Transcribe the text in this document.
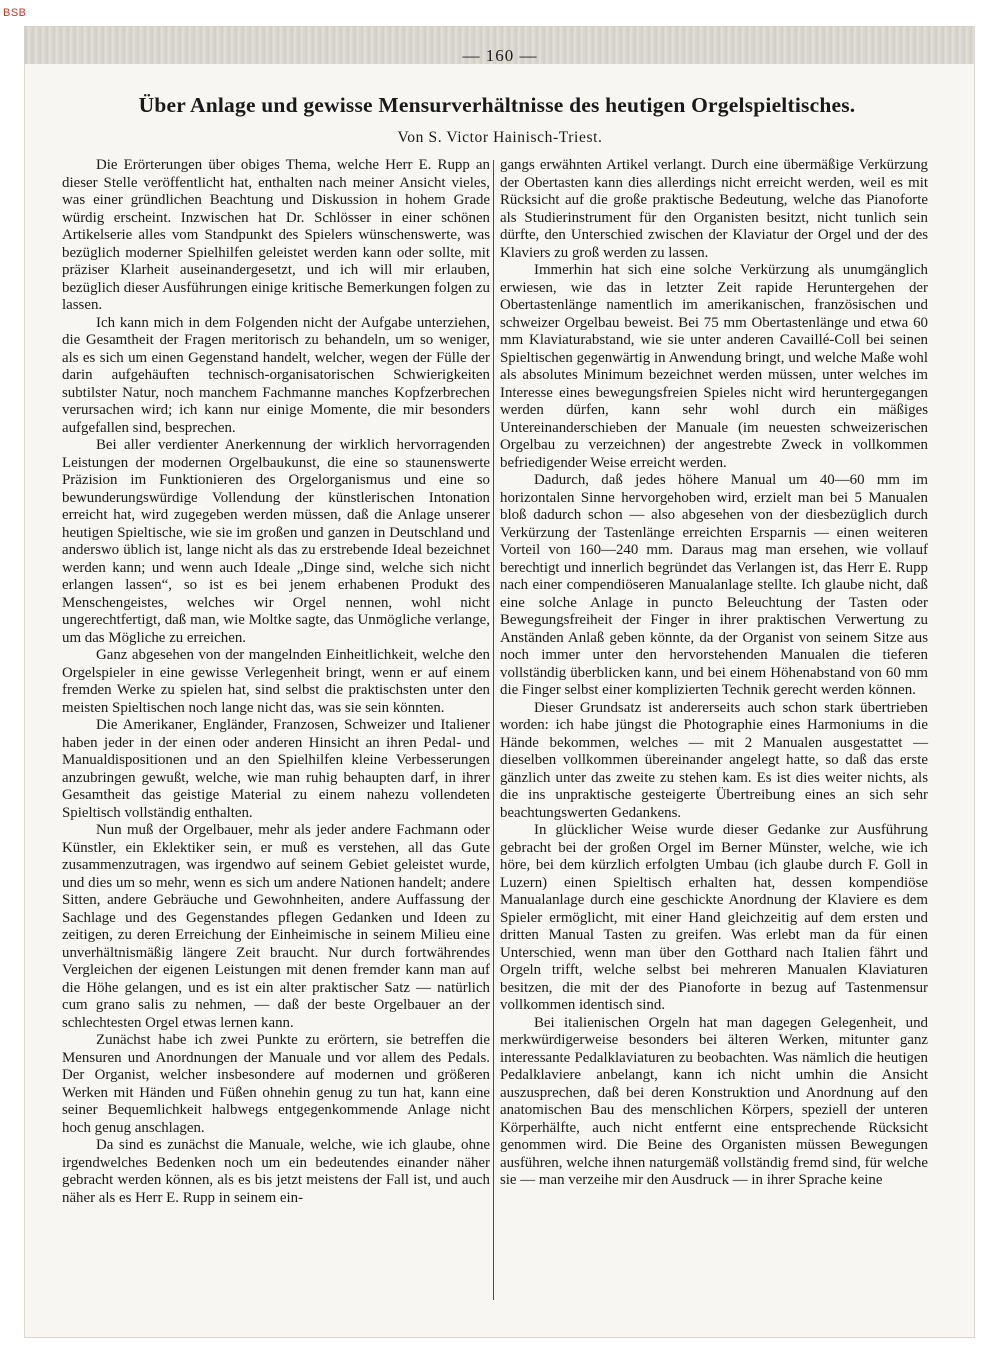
BSB
— 160 —
Über Anlage und gewisse Mensurverhältnisse des heutigen Orgelspieltisches.
Von S. Victor Hainisch-Triest.

Die Erörterungen über obiges Thema, welche Herr E. Rupp an dieser Stelle veröffentlicht hat, enthalten nach meiner Ansicht vieles, was einer gründlichen Beachtung und Diskussion in hohem Grade würdig erscheint. Inzwischen hat Dr. Schlösser in einer schönen Artikelserie alles vom Standpunkt des Spielers wünschenswerte, was bezüglich moderner Spielhilfen geleistet werden kann oder sollte, mit präziser Klarheit auseinandergesetzt, und ich will mir erlauben, bezüglich dieser Ausführungen einige kritische Bemerkungen folgen zu lassen.

Ich kann mich in dem Folgenden nicht der Aufgabe unterziehen, die Gesamtheit der Fragen meritorisch zu behandeln, um so weniger, als es sich um einen Gegenstand handelt, welcher, wegen der Fülle der darin aufgehäuften technisch-organisatorischen Schwierigkeiten subtilster Natur, noch manchem Fachmanne manches Kopfzerbrechen verursachen wird; ich kann nur einige Momente, die mir besonders aufgefallen sind, besprechen.

Bei aller verdienter Anerkennung der wirklich hervorragenden Leistungen der modernen Orgelbaukunst, die eine so staunenswerte Präzision im Funktionieren des Orgelorganismus und eine so bewunderungswürdige Vollendung der künstlerischen Intonation erreicht hat, wird zugegeben werden müssen, daß die Anlage unserer heutigen Spieltische, wie sie im großen und ganzen in Deutschland und anderswo üblich ist, lange nicht als das zu erstrebende Ideal bezeichnet werden kann; und wenn auch Ideale „Dinge sind, welche sich nicht erlangen lassen“, so ist es bei jenem erhabenen Produkt des Menschengeistes, welches wir Orgel nennen, wohl nicht ungerechtfertigt, daß man, wie Moltke sagte, das Unmögliche verlange, um das Mögliche zu erreichen.

Ganz abgesehen von der mangelnden Einheitlichkeit, welche den Orgelspieler in eine gewisse Verlegenheit bringt, wenn er auf einem fremden Werke zu spielen hat, sind selbst die praktischsten unter den meisten Spieltischen noch lange nicht das, was sie sein könnten.

Die Amerikaner, Engländer, Franzosen, Schweizer und Italiener haben jeder in der einen oder anderen Hinsicht an ihren Pedal- und Manualdispositionen und an den Spielhilfen kleine Verbesserungen anzubringen gewußt, welche, wie man ruhig behaupten darf, in ihrer Gesamtheit das geistige Material zu einem nahezu vollendeten Spieltisch vollständig enthalten.

Nun muß der Orgelbauer, mehr als jeder andere Fachmann oder Künstler, ein Eklektiker sein, er muß es verstehen, all das Gute zusammenzutragen, was irgendwo auf seinem Gebiet geleistet wurde, und dies um so mehr, wenn es sich um andere Nationen handelt; andere Sitten, andere Gebräuche und Gewohnheiten, andere Auffassung der Sachlage und des Gegenstandes pflegen Gedanken und Ideen zu zeitigen, zu deren Erreichung der Einheimische in seinem Milieu eine unverhältnismäßig längere Zeit braucht. Nur durch fortwährendes Vergleichen der eigenen Leistungen mit denen fremder kann man auf die Höhe gelangen, und es ist ein alter praktischer Satz — natürlich cum grano salis zu nehmen, — daß der beste Orgelbauer an der schlechtesten Orgel etwas lernen kann.

Zunächst habe ich zwei Punkte zu erörtern, sie betreffen die Mensuren und Anordnungen der Manuale und vor allem des Pedals. Der Organist, welcher insbesondere auf modernen und größeren Werken mit Händen und Füßen ohnehin genug zu tun hat, kann eine seiner Bequemlichkeit halbwegs entgegenkommende Anlage nicht hoch genug anschlagen.

Da sind es zunächst die Manuale, welche, wie ich glaube, ohne irgendwelches Bedenken noch um ein bedeutendes einander näher gebracht werden können, als es bis jetzt meistens der Fall ist, und auch näher als es Herr E. Rupp in seinem ein-

gangs erwähnten Artikel verlangt. Durch eine übermäßige Verkürzung der Obertasten kann dies allerdings nicht erreicht werden, weil es mit Rücksicht auf die große praktische Bedeutung, welche das Pianoforte als Studierinstrument für den Organisten besitzt, nicht tunlich sein dürfte, den Unterschied zwischen der Klaviatur der Orgel und der des Klaviers zu groß werden zu lassen.

Immerhin hat sich eine solche Verkürzung als unumgänglich erwiesen, wie das in letzter Zeit rapide Heruntergehen der Obertastenlänge namentlich im amerikanischen, französischen und schweizer Orgelbau beweist. Bei 75 mm Obertastenlänge und etwa 60 mm Klaviaturabstand, wie sie unter anderen Cavaillé-Coll bei seinen Spieltischen gegenwärtig in Anwendung bringt, und welche Maße wohl als absolutes Minimum bezeichnet werden müssen, unter welches im Interesse eines bewegungsfreien Spieles nicht wird heruntergegangen werden dürfen, kann sehr wohl durch ein mäßiges Untereinanderschieben der Manuale (im neuesten schweizerischen Orgelbau zu verzeichnen) der angestrebte Zweck in vollkommen befriedigender Weise erreicht werden.

Dadurch, daß jedes höhere Manual um 40—60 mm im horizontalen Sinne hervorgehoben wird, erzielt man bei 5 Manualen bloß dadurch schon — also abgesehen von der diesbezüglich durch Verkürzung der Tastenlänge erreichten Ersparnis — einen weiteren Vorteil von 160—240 mm. Daraus mag man ersehen, wie vollauf berechtigt und innerlich begründet das Verlangen ist, das Herr E. Rupp nach einer compendiöseren Manualanlage stellte. Ich glaube nicht, daß eine solche Anlage in puncto Beleuchtung der Tasten oder Bewegungsfreiheit der Finger in ihrer praktischen Verwertung zu Anständen Anlaß geben könnte, da der Organist von seinem Sitze aus noch immer unter den hervorstehenden Manualen die tieferen vollständig überblicken kann, und bei einem Höhenabstand von 60 mm die Finger selbst einer komplizierten Technik gerecht werden können.

Dieser Grundsatz ist andererseits auch schon stark übertrieben worden: ich habe jüngst die Photographie eines Harmoniums in die Hände bekommen, welches — mit 2 Manualen ausgestattet — dieselben vollkommen übereinander angelegt hatte, so daß das erste gänzlich unter das zweite zu stehen kam. Es ist dies weiter nichts, als die ins unpraktische gesteigerte Übertreibung eines an sich sehr beachtungswerten Gedankens.

In glücklicher Weise wurde dieser Gedanke zur Ausführung gebracht bei der großen Orgel im Berner Münster, welche, wie ich höre, bei dem kürzlich erfolgten Umbau (ich glaube durch F. Goll in Luzern) einen Spieltisch erhalten hat, dessen kompendiöse Manualanlage durch eine geschickte Anordnung der Klaviere es dem Spieler ermöglicht, mit einer Hand gleichzeitig auf dem ersten und dritten Manual Tasten zu greifen. Was erlebt man da für einen Unterschied, wenn man über den Gotthard nach Italien fährt und Orgeln trifft, welche selbst bei mehreren Manualen Klaviaturen besitzen, die mit der des Pianoforte in bezug auf Tastenmensur vollkommen identisch sind.

Bei italienischen Orgeln hat man dagegen Gelegenheit, und merkwürdigerweise besonders bei älteren Werken, mitunter ganz interessante Pedalklaviaturen zu beobachten. Was nämlich die heutigen Pedalklaviere anbelangt, kann ich nicht umhin die Ansicht auszusprechen, daß bei deren Konstruktion und Anordnung auf den anatomischen Bau des menschlichen Körpers, speziell der unteren Körperhälfte, auch nicht entfernt eine entsprechende Rücksicht genommen wird. Die Beine des Organisten müssen Bewegungen ausführen, welche ihnen naturgemäß vollständig fremd sind, für welche sie — man verzeihe mir den Ausdruck — in ihrer Sprache keine
